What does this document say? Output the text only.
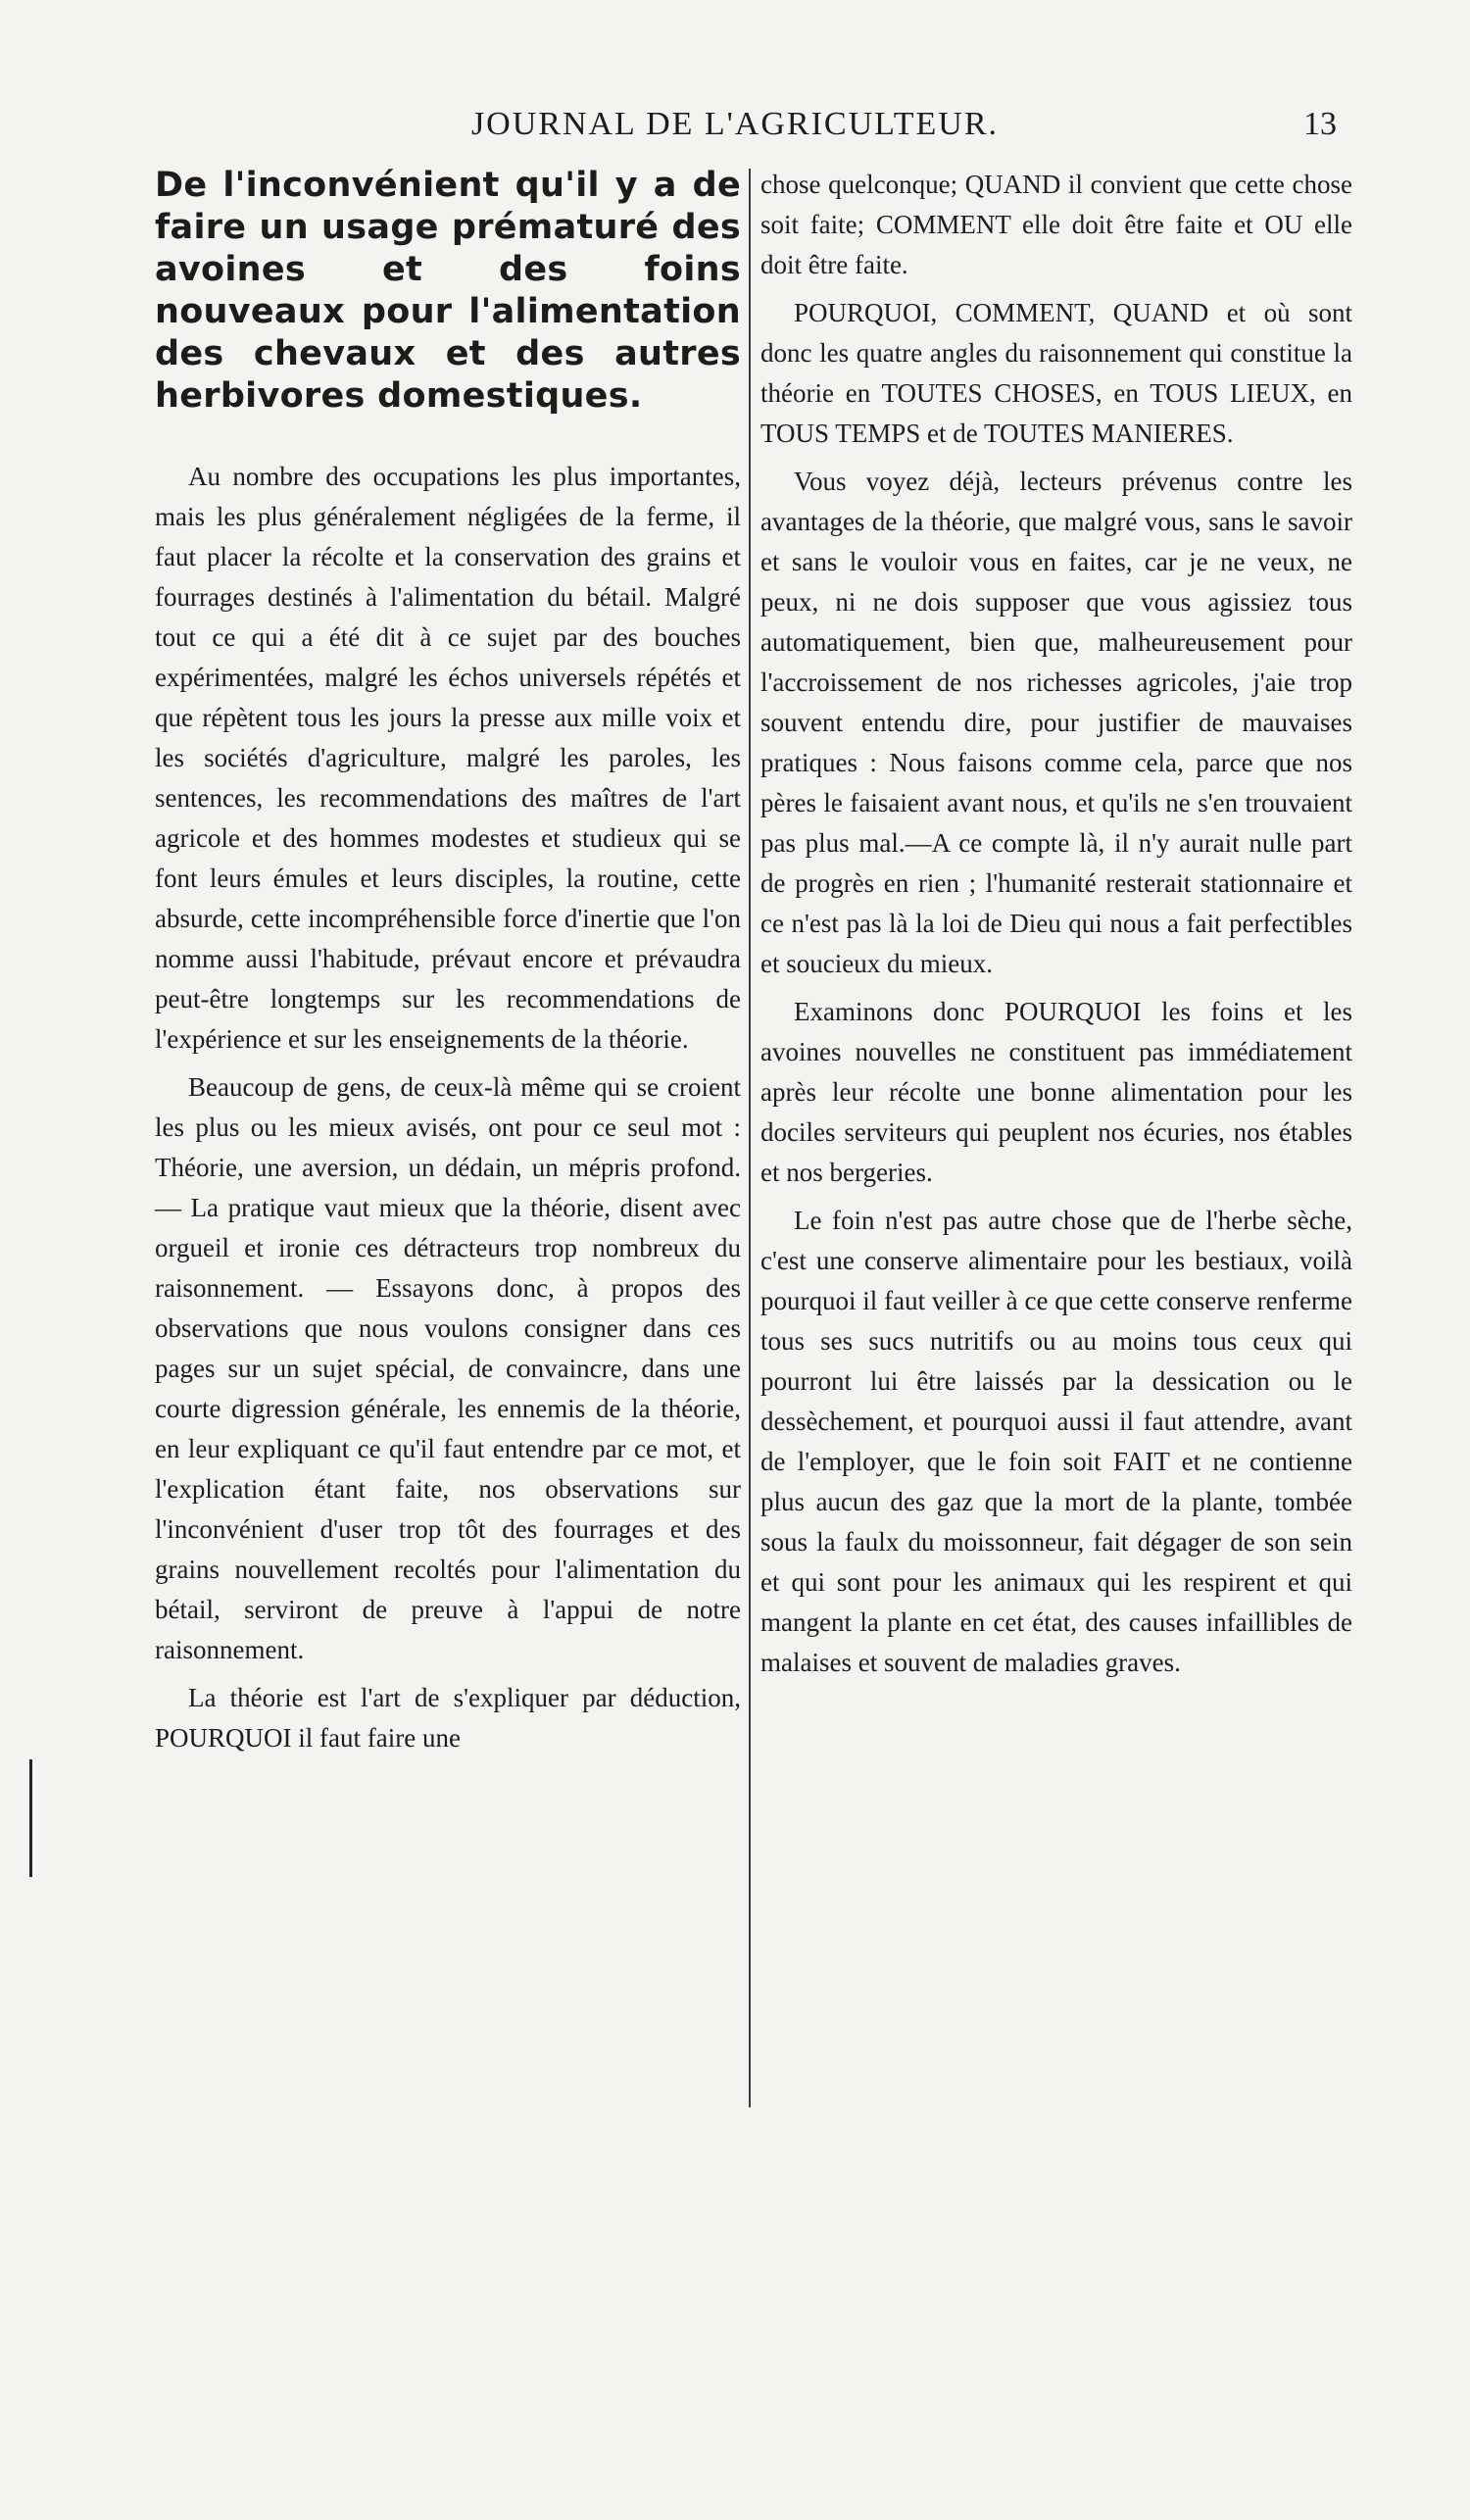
JOURNAL DE L'AGRICULTEUR.	13
De l'inconvénient qu'il y a de faire un usage prématuré des avoines et des foins nouveaux pour l'alimentation des chevaux et des autres herbivores domestiques.

Au nombre des occupations les plus importantes, mais les plus généralement négligées de la ferme, il faut placer la récolte et la conservation des grains et fourrages destinés à l'alimentation du bétail. Malgré tout ce qui a été dit à ce sujet par des bouches expérimentées, malgré les échos universels répétés et que répètent tous les jours la presse aux mille voix et les sociétés d'agriculture, malgré les paroles, les sentences, les recommendations des maîtres de l'art agricole et des hommes modestes et studieux qui se font leurs émules et leurs disciples, la routine, cette absurde, cette incompréhensible force d'inertie que l'on nomme aussi l'habitude, prévaut encore et prévaudra peut-être longtemps sur les recommendations de l'expérience et sur les enseignements de la théorie.

Beaucoup de gens, de ceux-là même qui se croient les plus ou les mieux avisés, ont pour ce seul mot : Théorie, une aversion, un dédain, un mépris profond. — La pratique vaut mieux que la théorie, disent avec orgueil et ironie ces détracteurs trop nombreux du raisonnement. — Essayons donc, à propos des observations que nous voulons consigner dans ces pages sur un sujet spécial, de convaincre, dans une courte digression générale, les ennemis de la théorie, en leur expliquant ce qu'il faut entendre par ce mot, et l'explication étant faite, nos observations sur l'inconvénient d'user trop tôt des fourrages et des grains nouvellement recoltés pour l'alimentation du bétail, serviront de preuve à l'appui de notre raisonnement.

La théorie est l'art de s'expliquer par déduction, POURQUOI il faut faire une

chose quelconque; QUAND il convient que cette chose soit faite; COMMENT elle doit être faite et OU elle doit être faite.

POURQUOI, COMMENT, QUAND et où sont donc les quatre angles du raisonnement qui constitue la théorie en TOUTES CHOSES, en TOUS LIEUX, en TOUS TEMPS et de TOUTES MANIERES.

Vous voyez déjà, lecteurs prévenus contre les avantages de la théorie, que malgré vous, sans le savoir et sans le vouloir vous en faites, car je ne veux, ne peux, ni ne dois supposer que vous agissiez tous automatiquement, bien que, malheureusement pour l'accroissement de nos richesses agricoles, j'aie trop souvent entendu dire, pour justifier de mauvaises pratiques : Nous faisons comme cela, parce que nos pères le faisaient avant nous, et qu'ils ne s'en trouvaient pas plus mal.—A ce compte là, il n'y aurait nulle part de progrès en rien ; l'humanité resterait stationnaire et ce n'est pas là la loi de Dieu qui nous a fait perfectibles et soucieux du mieux.

Examinons donc POURQUOI les foins et les avoines nouvelles ne constituent pas immédiatement après leur récolte une bonne alimentation pour les dociles serviteurs qui peuplent nos écuries, nos étables et nos bergeries.

Le foin n'est pas autre chose que de l'herbe sèche, c'est une conserve alimentaire pour les bestiaux, voilà pourquoi il faut veiller à ce que cette conserve renferme tous ses sucs nutritifs ou au moins tous ceux qui pourront lui être laissés par la dessication ou le dessèchement, et pourquoi aussi il faut attendre, avant de l'employer, que le foin soit FAIT et ne contienne plus aucun des gaz que la mort de la plante, tombée sous la faulx du moissonneur, fait dégager de son sein et qui sont pour les animaux qui les respirent et qui mangent la plante en cet état, des causes infaillibles de malaises et souvent de maladies graves.
